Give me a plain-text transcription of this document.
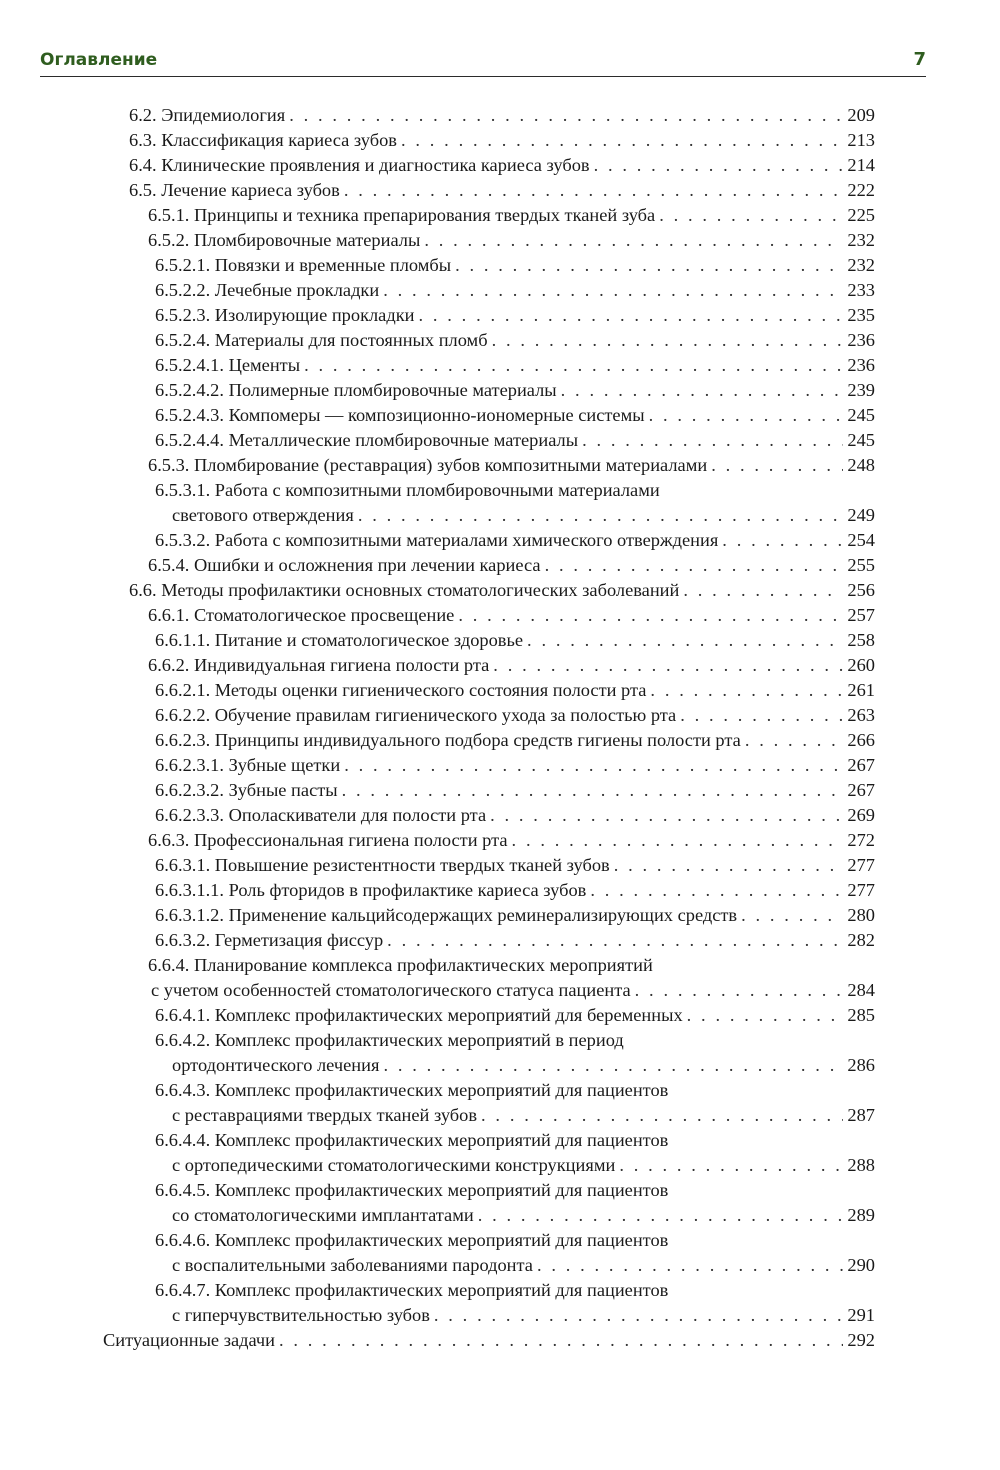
Оглавление	7
6.2. Эпидемиология . . .	209
6.3. Классификация кариеса зубов . . .	213
6.4. Клинические проявления и диагностика кариеса зубов . . .	214
6.5. Лечение кариеса зубов . . .	222
6.5.1. Принципы и техника препарирования твердых тканей зуба . . .	225
6.5.2. Пломбировочные материалы . . .	232
6.5.2.1. Повязки и временные пломбы . . .	232
6.5.2.2. Лечебные прокладки . . .	233
6.5.2.3. Изолирующие прокладки . . .	235
6.5.2.4. Материалы для постоянных пломб . . .	236
6.5.2.4.1. Цементы . . .	236
6.5.2.4.2. Полимерные пломбировочные материалы . . .	239
6.5.2.4.3. Компомеры — композиционно-иономерные системы . . .	245
6.5.2.4.4. Металлические пломбировочные материалы . . .	245
6.5.3. Пломбирование (реставрация) зубов композитными материалами . . .	248
6.5.3.1. Работа с композитными пломбировочными материалами
светового отверждения . . .	249
6.5.3.2. Работа с композитными материалами химического отверждения . . .	254
6.5.4. Ошибки и осложнения при лечении кариеса . . .	255
6.6. Методы профилактики основных стоматологических заболеваний . . .	256
6.6.1. Стоматологическое просвещение . . .	257
6.6.1.1. Питание и стоматологическое здоровье . . .	258
6.6.2. Индивидуальная гигиена полости рта . . .	260
6.6.2.1. Методы оценки гигиенического состояния полости рта . . .	261
6.6.2.2. Обучение правилам гигиенического ухода за полостью рта . . .	263
6.6.2.3. Принципы индивидуального подбора средств гигиены полости рта . . .	266
6.6.2.3.1. Зубные щетки . . .	267
6.6.2.3.2. Зубные пасты . . .	267
6.6.2.3.3. Ополаскиватели для полости рта . . .	269
6.6.3. Профессиональная гигиена полости рта . . .	272
6.6.3.1. Повышение резистентности твердых тканей зубов . . .	277
6.6.3.1.1. Роль фторидов в профилактике кариеса зубов . . .	277
6.6.3.1.2. Применение кальцийсодержащих реминерализирующих средств . . .	280
6.6.3.2. Герметизация фиссур . . .	282
6.6.4. Планирование комплекса профилактических мероприятий
с учетом особенностей стоматологического статуса пациента . . .	284
6.6.4.1. Комплекс профилактических мероприятий для беременных . . .	285
6.6.4.2. Комплекс профилактических мероприятий в период
ортодонтического лечения . . .	286
6.6.4.3. Комплекс профилактических мероприятий для пациентов
с реставрациями твердых тканей зубов . . .	287
6.6.4.4. Комплекс профилактических мероприятий для пациентов
с ортопедическими стоматологическими конструкциями . . .	288
6.6.4.5. Комплекс профилактических мероприятий для пациентов
со стоматологическими имплантатами . . .	289
6.6.4.6. Комплекс профилактических мероприятий для пациентов
с воспалительными заболеваниями пародонта . . .	290
6.6.4.7. Комплекс профилактических мероприятий для пациентов
с гиперчувствительностью зубов . . .	291
Ситуационные задачи . . .	292
